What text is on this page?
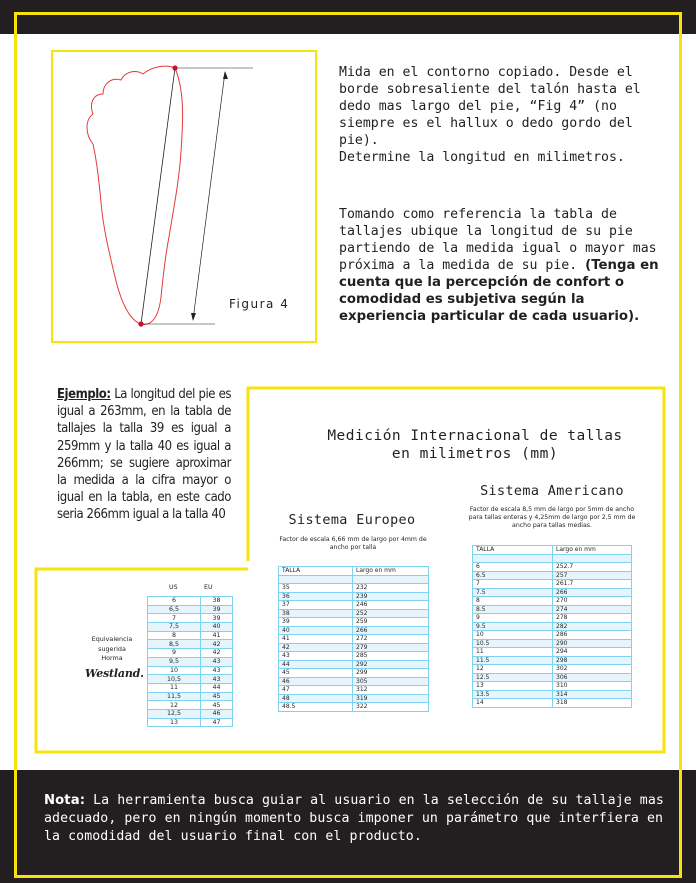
Figura 4
Mida en el contorno copiado. Desde el borde sobresaliente del talón hasta el dedo mas largo del pie, “Fig 4” (no siempre es el hallux o dedo gordo del pie).
Determine la longitud en milimetros.
Tomando como referencia la tabla de tallajes ubique la longitud de su pie partiendo de la medida igual o mayor mas próxima a la medida de su pie. (Tenga en cuenta que la percepción de confort o comodidad es subjetiva según la experiencia particular de cada usuario).
Ejemplo: La longitud del pie es igual a 263mm, en la tabla de tallajes la talla 39 es igual a 259mm y la talla 40 es igual a 266mm; se sugiere aproximar la medida a la cifra mayor o igual en la tabla, en este cado seria 266mm igual a la talla 40
Medición Internacional de tallas
en milimetros (mm)
Sistema Europeo
Factor de escala 6,66 mm de largo por 4mm de ancho por talla
TALLA	Largo en mm

35	232
36	239
37	246
38	252
39	259
40	266
41	272
42	279
43	285
44	292
45	299
46	305
47	312
48	319
48.5	322
Sistema Americano
Factor de escala 8,5 mm de largo por 5mm de ancho para tallas enteras y 4,25mm de largo por 2,5 mm de ancho para tallas medias.
TALLA	Largo en mm

6	252.7
6.5	257
7	261.7
7.5	266
8	270
8.5	274
9	278
9.5	282
10	286
10.5	290
11	294
11.5	298
12	302
12.5	306
13	310
13.5	314
14	318
US	EU
6	38
6,5	39
7	39
7,5	40
8	41
8,5	42
9	42
9,5	43
10	43
10,5	43
11	44
11,5	45
12	45
12,5	46
13	47
Equivalencia
sugerida
Horma
Westland.
Nota: La herramienta busca guiar al usuario en la selección de su tallaje mas adecuado, pero en ningún momento busca imponer un parámetro que interfiera en la comodidad del usuario final con el producto.
